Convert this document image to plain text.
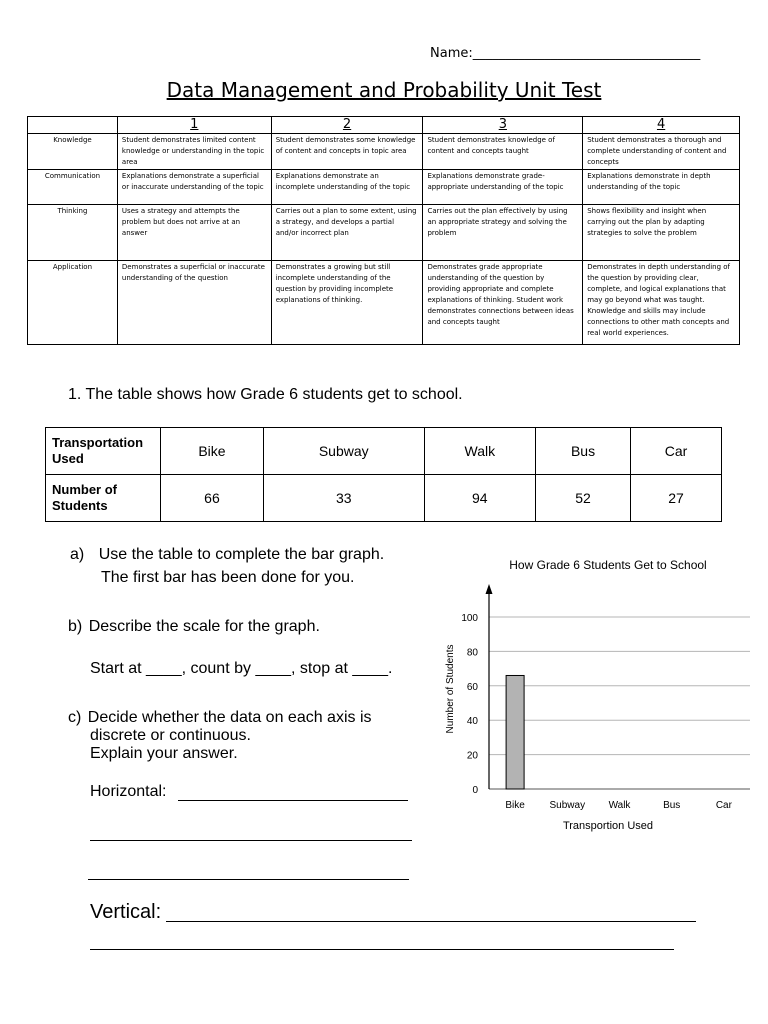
Name:___________________________________
Data Management and Probability Unit Test
	1	2	3	4
Knowledge	Student demonstrates limited content knowledge or understanding in the topic area	Student demonstrates some knowledge of content and concepts in topic area	Student demonstrates knowledge of content and concepts taught	Student demonstrates a thorough and complete understanding of content and concepts
Communication	Explanations demonstrate a superficial or inaccurate understanding of the topic	Explanations demonstrate an incomplete understanding of the topic	Explanations demonstrate grade-appropriate understanding of the topic	Explanations demonstrate in depth understanding of the topic
Thinking	Uses a strategy and attempts the problem but does not arrive at an answer	Carries out a plan to some extent, using a strategy, and develops a partial and/or incorrect plan	Carries out the plan effectively by using an appropriate strategy and solving the problem	Shows flexibility and insight when carrying out the plan by adapting strategies to solve the problem
Application	Demonstrates a superficial or inaccurate understanding of the question	Demonstrates a growing but still incomplete understanding of the question by providing incomplete explanations of thinking.	Demonstrates grade appropriate understanding of the question by providing appropriate and complete explanations of thinking. Student work demonstrates connections between ideas and concepts taught	Demonstrates in depth understanding of the question by providing clear, complete, and logical explanations that may go beyond what was taught. Knowledge and skills may include connections to other math concepts and real world experiences.
1. The table shows how Grade 6 students get to school.
Transportation Used	Bike	Subway	Walk	Bus	Car
Number of Students	66	33	94	52	27
a) Use the table to complete the bar graph.
The first bar has been done for you.
b) Describe the scale for the graph.
Start at ____, count by ____, stop at ____.
c) Decide whether the data on each axis is
discrete or continuous.
Explain your answer.
Horizontal:
Vertical:
How Grade 6 Students Get to School
0
20
40
60
80
100
Bike Subway Walk	Bus	Car
Number of Students
Transportion Used
